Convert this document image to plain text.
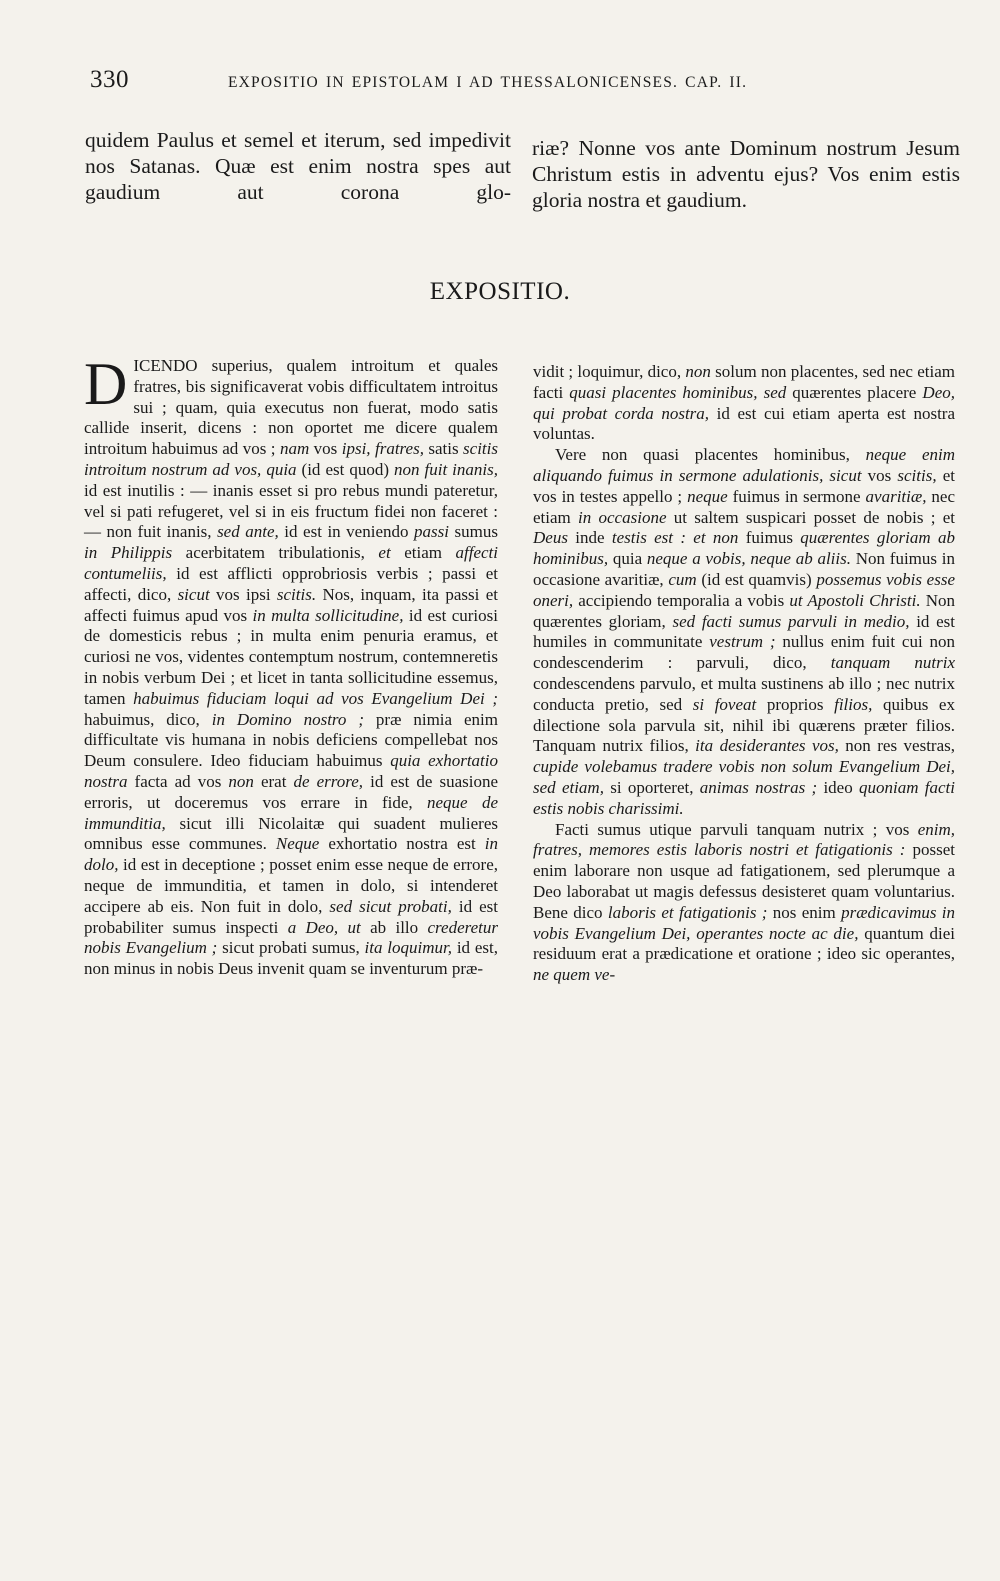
330	EXPOSITIO IN EPISTOLAM I AD THESSALONICENSES. CAP. II.

quidem Paulus et semel et iterum, sed impedivit nos Satanas. Quæ est enim nostra spes aut gaudium aut corona glo-

riæ? Nonne vos ante Dominum nostrum Jesum Christum estis in adventu ejus? Vos enim estis gloria nostra et gaudium.

EXPOSITIO.

D ICENDO superius, qualem introitum et quales fratres, bis significaverat vobis difficultatem introitus sui ; quam, quia executus non fuerat, modo satis callide inserit, dicens : non oportet me dicere qualem introitum habuimus ad vos ; nam vos ipsi, fratres, satis scitis introitum nostrum ad vos, quia (id est quod) non fuit inanis, id est inutilis : — inanis esset si pro rebus mundi pateretur, vel si pati refugeret, vel si in eis fructum fidei non faceret : — non fuit inanis, sed ante, id est in veniendo passi sumus in Philippis acerbitatem tribulationis, et etiam affecti contumeliis, id est afflicti opprobriosis verbis ; passi et affecti, dico, sicut vos ipsi scitis. Nos, inquam, ita passi et affecti fuimus apud vos in multa sollicitudine, id est curiosi de domesticis rebus ; in multa enim penuria eramus, et curiosi ne vos, videntes contemptum nostrum, contemneretis in nobis verbum Dei ; et licet in tanta sollicitudine essemus, tamen habuimus fiduciam loqui ad vos Evangelium Dei ; habuimus, dico, in Domino nostro ; præ nimia enim difficultate vis humana in nobis deficiens compellebat nos Deum consulere. Ideo fiduciam habuimus quia exhortatio nostra facta ad vos non erat de errore, id est de suasione erroris, ut doceremus vos errare in fide, neque de immunditia, sicut illi Nicolaitæ qui suadent mulieres omnibus esse communes. Neque exhortatio nostra est in dolo, id est in deceptione ; posset enim esse neque de errore, neque de immunditia, et tamen in dolo, si intenderet accipere ab eis. Non fuit in dolo, sed sicut probati, id est probabiliter sumus inspecti a Deo, ut ab illo crederetur nobis Evangelium ; sicut probati sumus, ita loquimur, id est, non minus in nobis Deus invenit quam se inventurum præ-

vidit ; loquimur, dico, non solum non placentes, sed nec etiam facti quasi placentes hominibus, sed quærentes placere Deo, qui probat corda nostra, id est cui etiam aperta est nostra voluntas.

Vere non quasi placentes hominibus, neque enim aliquando fuimus in sermone adulationis, sicut vos scitis, et vos in testes appello ; neque fuimus in sermone avaritiæ, nec etiam in occasione ut saltem suspicari posset de nobis ; et Deus inde testis est : et non fuimus quærentes gloriam ab hominibus, quia neque a vobis, neque ab aliis. Non fuimus in occasione avaritiæ, cum (id est quamvis) possemus vobis esse oneri, accipiendo temporalia a vobis ut Apostoli Christi. Non quærentes gloriam, sed facti sumus parvuli in medio, id est humiles in communitate vestrum ; nullus enim fuit cui non condescenderim : parvuli, dico, tanquam nutrix condescendens parvulo, et multa sustinens ab illo ; nec nutrix conducta pretio, sed si foveat proprios filios, quibus ex dilectione sola parvula sit, nihil ibi quærens præter filios. Tanquam nutrix filios, ita desiderantes vos, non res vestras, cupide volebamus tradere vobis non solum Evangelium Dei, sed etiam, si oporteret, animas nostras ; ideo quoniam facti estis nobis charissimi.

Facti sumus utique parvuli tanquam nutrix ; vos enim, fratres, memores estis laboris nostri et fatigationis : posset enim laborare non usque ad fatigationem, sed plerumque a Deo laborabat ut magis defessus desisteret quam voluntarius. Bene dico laboris et fatigationis ; nos enim prædicavimus in vobis Evangelium Dei, operantes nocte ac die, quantum diei residuum erat a prædicatione et oratione ; ideo sic operantes, ne quem ve-
